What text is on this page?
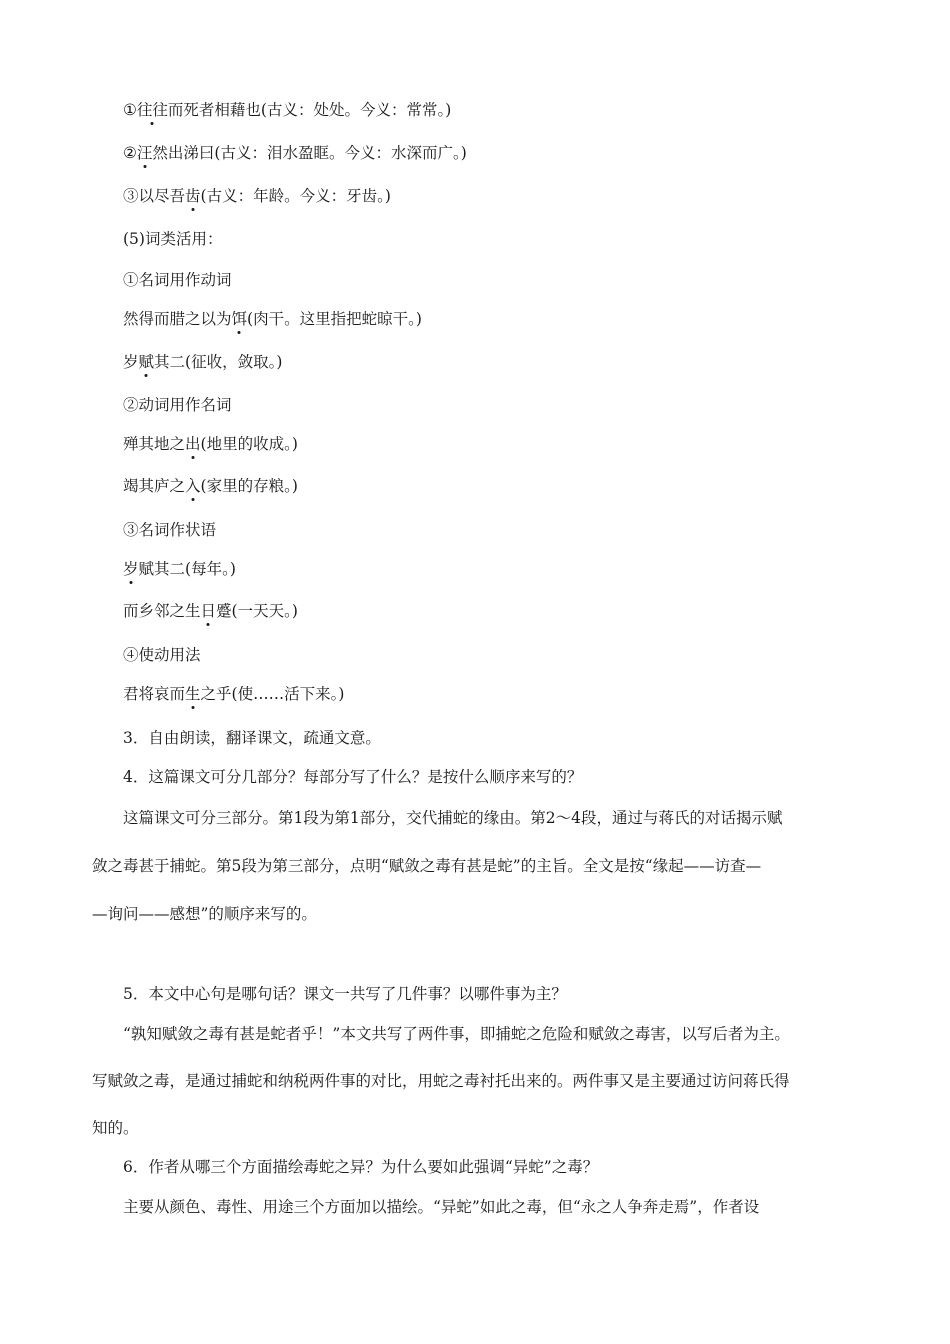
①往往而死者相藉也(古义：处处。今义：常常。)
②汪然出涕曰(古义：泪水盈眶。今义：水深而广。)
③以尽吾齿(古义：年龄。今义：牙齿。)
(5)词类活用：
①名词用作动词
然得而腊之以为饵(肉干。这里指把蛇晾干。)
岁赋其二(征收，敛取。)
②动词用作名词
殚其地之出(地里的收成。)
竭其庐之入(家里的存粮。)
③名词作状语
岁赋其二(每年。)
而乡邻之生日蹙(一天天。)
④使动用法
君将哀而生之乎(使……活下来。)
3．自由朗读，翻译课文，疏通文意。
4．这篇课文可分几部分？每部分写了什么？是按什么顺序来写的？
这篇课文可分三部分。第1段为第1部分，交代捕蛇的缘由。第2～4段，通过与蒋氏的对话揭示赋
敛之毒甚于捕蛇。第5段为第三部分，点明“赋敛之毒有甚是蛇”的主旨。全文是按“缘起——访查—
—询问——感想”的顺序来写的。
5．本文中心句是哪句话？课文一共写了几件事？以哪件事为主？
“孰知赋敛之毒有甚是蛇者乎！”本文共写了两件事，即捕蛇之危险和赋敛之毒害，以写后者为主。
写赋敛之毒，是通过捕蛇和纳税两件事的对比，用蛇之毒衬托出来的。两件事又是主要通过访问蒋氏得
知的。
6．作者从哪三个方面描绘毒蛇之异？为什么要如此强调“异蛇”之毒？
主要从颜色、毒性、用途三个方面加以描绘。“异蛇”如此之毒，但“永之人争奔走焉”，作者设
